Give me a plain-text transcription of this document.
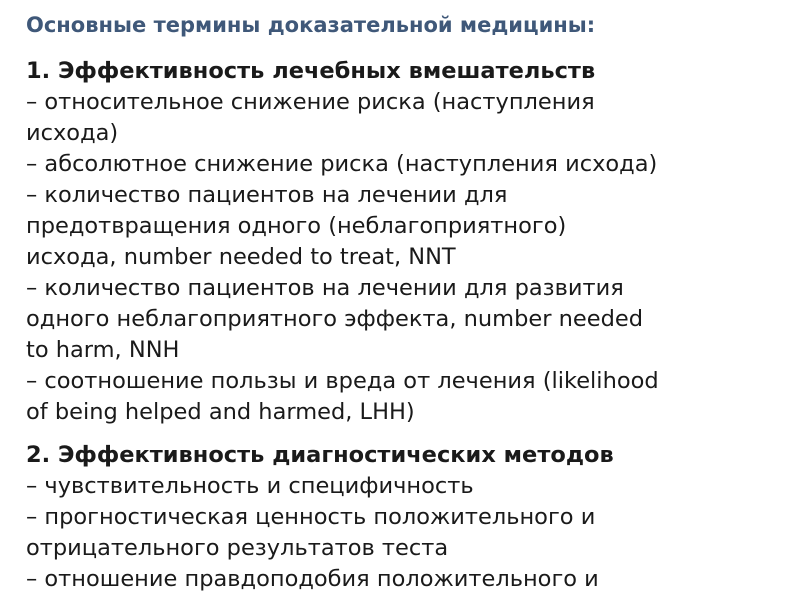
Основные термины доказательной медицины:
1. Эффективность лечебных вмешательств
– относительное снижение риска (наступления
исхода)
– абсолютное снижение риска (наступления исхода)
– количество пациентов на лечении для
предотвращения одного (неблагоприятного)
исхода, number needed to treat, NNT
– количество пациентов на лечении для развития
одного неблагоприятного эффекта, number needed
to harm, NNH
– соотношение пользы и вреда от лечения (likelihood
of being helped and harmed, LHH)
2. Эффективность диагностических методов
– чувствительность и специфичность
– прогностическая ценность положительного и
отрицательного результатов теста
– отношение правдоподобия положительного и
